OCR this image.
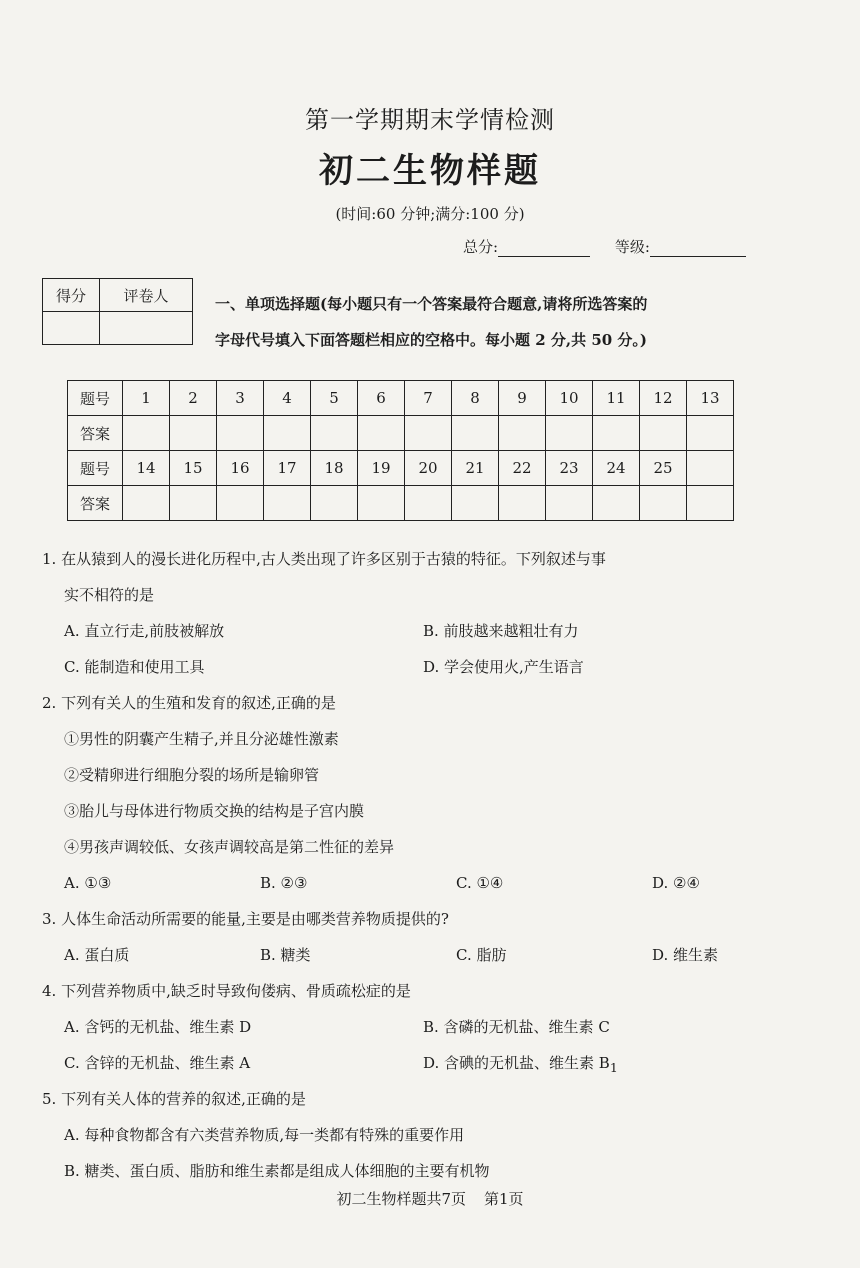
第一学期期末学情检测
初二生物样题
(时间:60 分钟;满分:100 分)
总分:	等级:
得分	评卷人
		一、单项选择题(每小题只有一个答案最符合题意,请将所选答案的
字母代号填入下面答题栏相应的空格中。每小题 2 分,共 50 分。)
题号	1	2	3	4	5	6	7	8	9	10	11	12	13
答案													
题号	14	15	16	17	18	19	20	21	22	23	24	25	
答案													
1. 在从猿到人的漫长进化历程中,古人类出现了许多区别于古猿的特征。下列叙述与事
实不相符的是
A. 直立行走,前肢被解放	B. 前肢越来越粗壮有力
C. 能制造和使用工具	D. 学会使用火,产生语言
2. 下列有关人的生殖和发育的叙述,正确的是
①男性的阴囊产生精子,并且分泌雄性激素
②受精卵进行细胞分裂的场所是输卵管
③胎儿与母体进行物质交换的结构是子宫内膜
④男孩声调较低、女孩声调较高是第二性征的差异
A. ①③	B. ②③	C. ①④	D. ②④
3. 人体生命活动所需要的能量,主要是由哪类营养物质提供的?
A. 蛋白质	B. 糖类	C. 脂肪	D. 维生素
4. 下列营养物质中,缺乏时导致佝偻病、骨质疏松症的是
A. 含钙的无机盐、维生素 D	B. 含磷的无机盐、维生素 C
C. 含锌的无机盐、维生素 A	D. 含碘的无机盐、维生素 $B_1$
5. 下列有关人体的营养的叙述,正确的是
A. 每种食物都含有六类营养物质,每一类都有特殊的重要作用
B. 糖类、蛋白质、脂肪和维生素都是组成人体细胞的主要有机物
初二生物样题共7页 第1页
